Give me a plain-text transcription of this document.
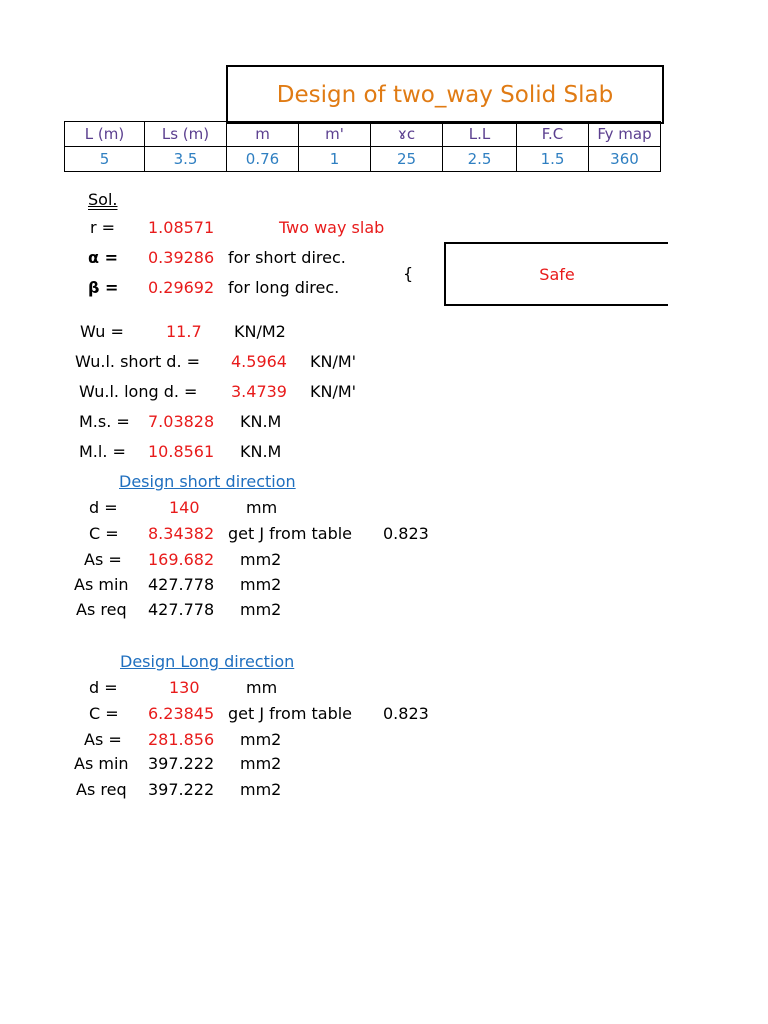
Design of two_way Solid Slab
L (m)	Ls (m)	m	m'	ɤc	L.L	F.C	Fy map
5	3.5	0.76	1	25	2.5	1.5	360
Sol.
r = 1.08571	Two way slab
α = 0.39286 for short direc.
β = 0.29692 for long direc.
{	Safe
Wu =	11.7 KN/M2
Wu.l. short d. = 4.5964 KN/M'
Wu.l. long d. = 3.4739 KN/M'
M.s. = 7.03828 KN.M
M.l. = 10.8561 KN.M
Design short direction
d =	140	mm
C = 8.34382 get J from table 0.823
As = 169.682 mm2
As min 427.778 mm2
As req 427.778 mm2
Design Long direction
d =	130	mm
C = 6.23845 get J from table 0.823
As = 281.856 mm2
As min 397.222 mm2
As req 397.222 mm2
